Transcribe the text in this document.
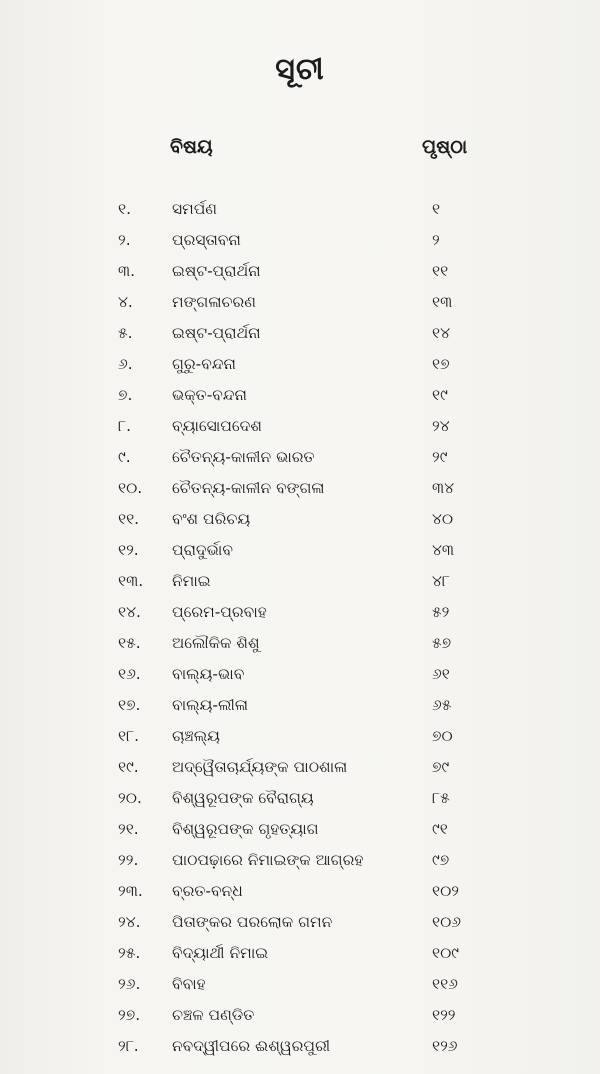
ସୂଚୀ
ବିଷୟ	ପୃଷ୍ଠା
୧.	ସମର୍ପଣ	୧
୨.	ପ୍ରସ୍ତାବନା	୨
୩. ଇଷ୍ଟ-ପ୍ରାର୍ଥନା	୧୧
୪.	ମଙ୍ଗଳାଚରଣ	୧୩
୫.	ଇଷ୍ଟ-ପ୍ରାର୍ଥନା	୧୪
୬.	ଗୁରୁ-ବନ୍ଦନା	୧୭
୭.	ଭକ୍ତ-ବନ୍ଦନା	୧୯
୮.	ବ୍ୟାସୋପଦେଶ	୨୪
୯.	ଚୈତନ୍ୟ-କାଳୀନ ଭାରତ	୨୯
୧୦. ଚୈତନ୍ୟ-କାଳୀନ ବଙ୍ଗଳା	୩୪
୧୧. ବଂଶ ପରିଚୟ	୪୦
୧୨. ପ୍ରାଦୁର୍ଭାବ	୪୩
୧୩. ନିମାଇ	୪୮
୧୪. ପ୍ରେମ-ପ୍ରବାହ	୫୨
୧୫. ଅଲୌକିକ ଶିଶୁ	୫୭
୧୬. ବାଲ୍ୟ-ଭାବ	୬୧
୧୭. ବାଲ୍ୟ-ଲୀଳା	୬୫
୧୮. ଚାଞ୍ଚଲ୍ୟ	୭୦
୧୯. ଅଦ୍ୱୈତାଚାର୍ଯ୍ୟଙ୍କ ପାଠଶାଳା	୭୯
୨୦. ବିଶ୍ୱରୂପଙ୍କ ବୈରାଗ୍ୟ	୮୫
୨୧. ବିଶ୍ୱରୂପଙ୍କ ଗୃହତ୍ୟାଗ	୯୧
୨୨. ପାଠପଢ଼ାରେ ନିମାଇଙ୍କ ଆଗ୍ରହ	୯୭
୨୩. ବ୍ରତ-ବନ୍ଧ	୧୦୨
୨୪. ପିତାଙ୍କର ପରଲୋକ ଗମନ	୧୦୬
୨୫. ବିଦ୍ୟାର୍ଥୀ ନିମାଇ	୧୦୯
୨୬. ବିବାହ	୧୧୬
୨୭. ଚଞ୍ଚଳ ପଣ୍ଡିତ	୧୨୨
୨୮. ନବଦ୍ୱୀପରେ ଈଶ୍ୱରପୁରୀ	୧୨୬
